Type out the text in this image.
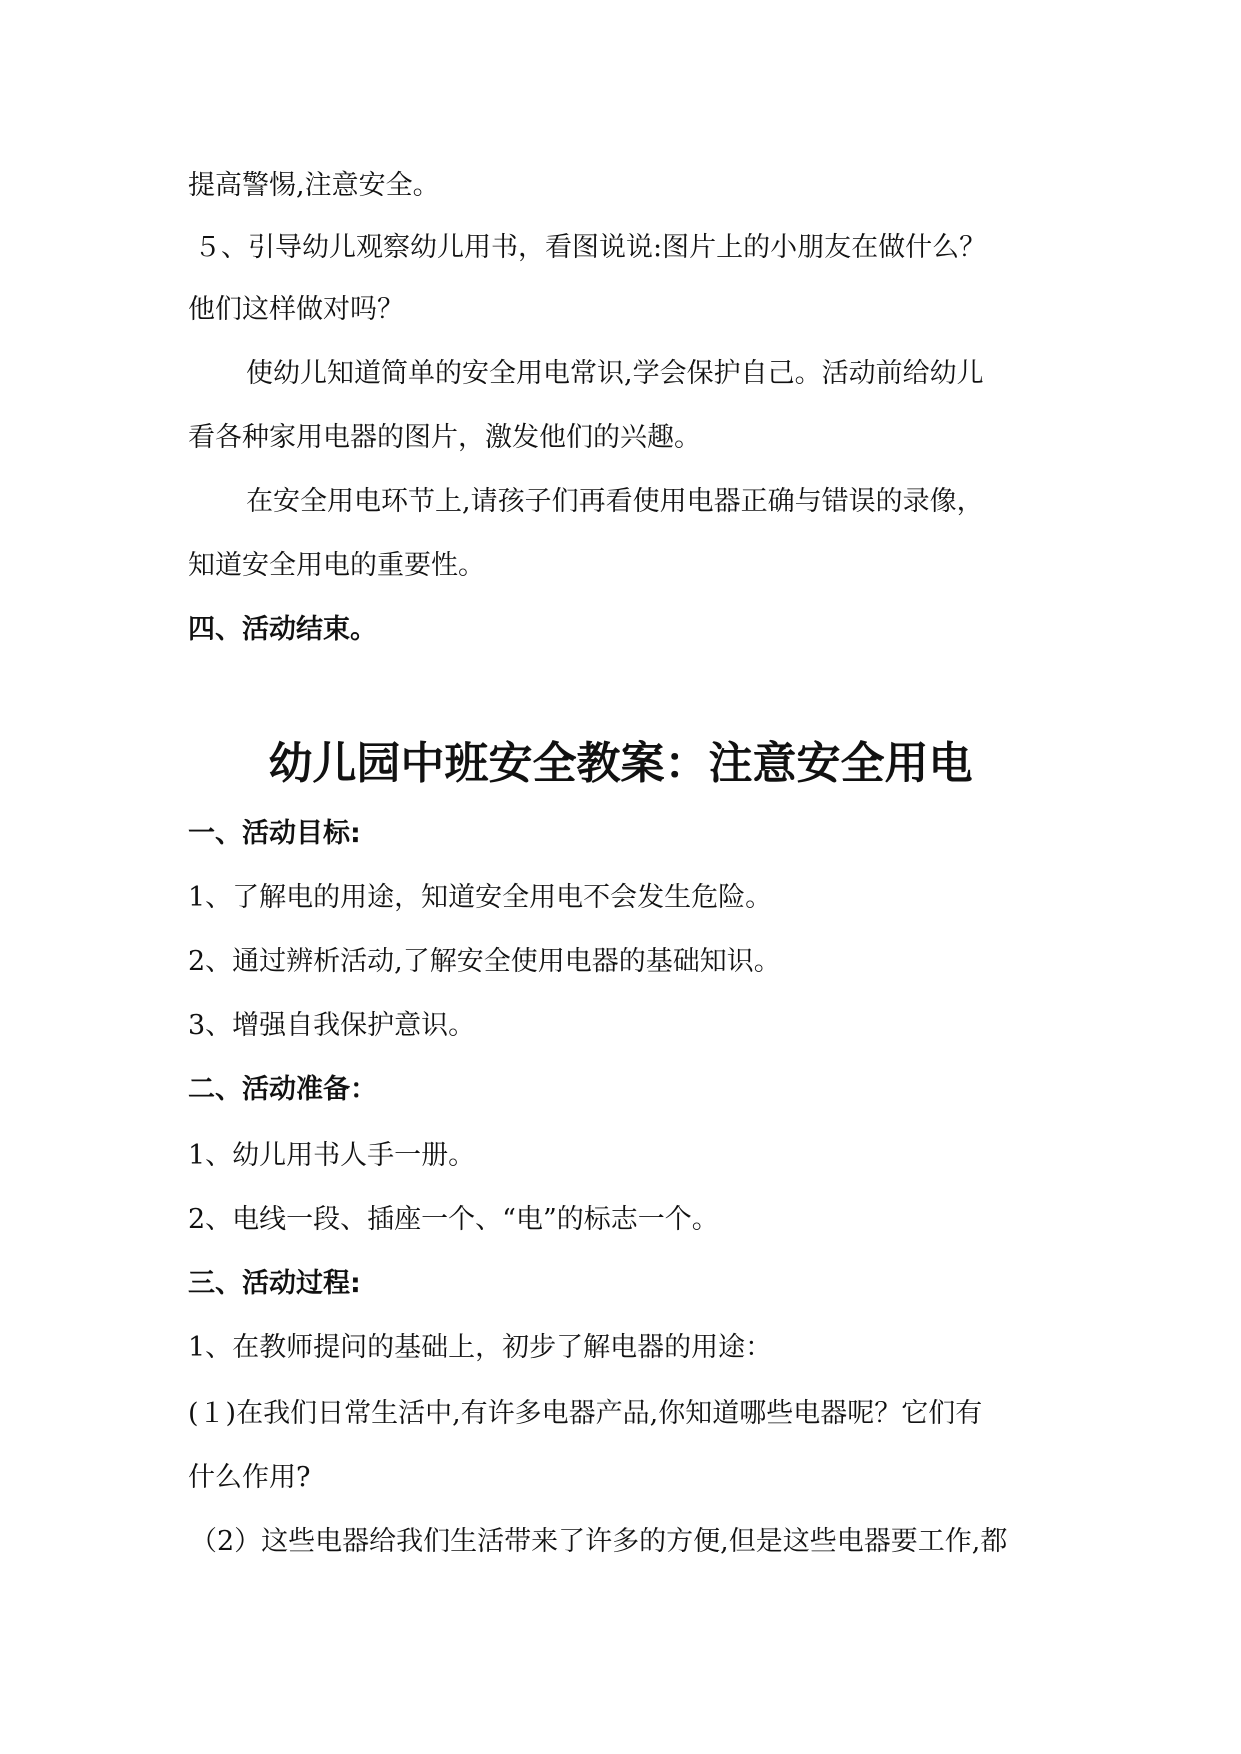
提高警惕,注意安全。

５、引导幼儿观察幼儿用书，看图说说:图片上的小朋友在做什么？

他们这样做对吗？

使幼儿知道简单的安全用电常识,学会保护自己。活动前给幼儿

看各种家用电器的图片，激发他们的兴趣。

在安全用电环节上,请孩子们再看使用电器正确与错误的录像，

知道安全用电的重要性。

四、活动结束。

幼儿园中班安全教案：注意安全用电

一、活动目标:

1、了解电的用途，知道安全用电不会发生危险。

2、通过辨析活动,了解安全使用电器的基础知识。

3、增强自我保护意识。

二、活动准备：

1、幼儿用书人手一册。

2、电线一段、插座一个、“电”的标志一个。

三、活动过程:

1、在教师提问的基础上，初步了解电器的用途：

(１)在我们日常生活中,有许多电器产品,你知道哪些电器呢？它们有

什么作用?

（2）这些电器给我们生活带来了许多的方便,但是这些电器要工作,都
